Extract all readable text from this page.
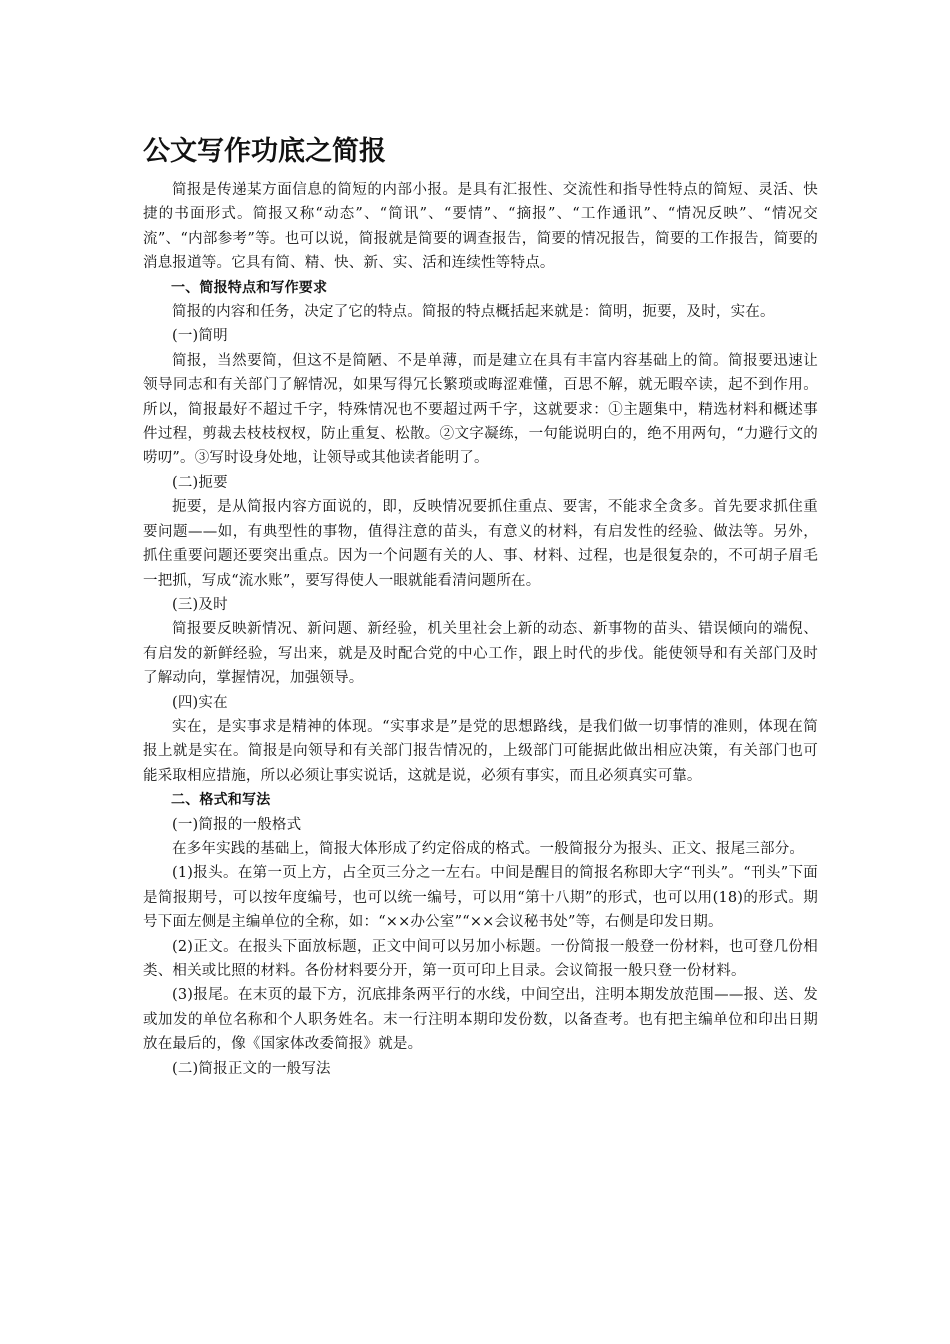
公文写作功底之简报

简报是传递某方面信息的简短的内部小报。是具有汇报性、交流性和指导性特点的简短、灵活、快捷的书面形式。简报又称“动态”、“简讯”、“要情”、“摘报”、“工作通讯”、“情况反映”、“情况交流”、“内部参考”等。也可以说，简报就是简要的调查报告，简要的情况报告，简要的工作报告，简要的消息报道等。它具有简、精、快、新、实、活和连续性等特点。

一、简报特点和写作要求

简报的内容和任务，决定了它的特点。简报的特点概括起来就是：简明，扼要，及时，实在。

(一)简明

简报，当然要简，但这不是简陋、不是单薄，而是建立在具有丰富内容基础上的简。简报要迅速让领导同志和有关部门了解情况，如果写得冗长繁琐或晦涩难懂，百思不解，就无暇卒读，起不到作用。所以，简报最好不超过千字，特殊情况也不要超过两千字，这就要求：①主题集中，精选材料和概述事件过程，剪裁去枝枝杈杈，防止重复、松散。②文字凝练，一句能说明白的，绝不用两句，“力避行文的唠叨”。③写时设身处地，让领导或其他读者能明了。

(二)扼要

扼要，是从简报内容方面说的，即，反映情况要抓住重点、要害，不能求全贪多。首先要求抓住重要问题——如，有典型性的事物，值得注意的苗头，有意义的材料，有启发性的经验、做法等。另外，抓住重要问题还要突出重点。因为一个问题有关的人、事、材料、过程，也是很复杂的，不可胡子眉毛一把抓，写成“流水账”，要写得使人一眼就能看清问题所在。

(三)及时

简报要反映新情况、新问题、新经验，机关里社会上新的动态、新事物的苗头、错误倾向的端倪、有启发的新鲜经验，写出来，就是及时配合党的中心工作，跟上时代的步伐。能使领导和有关部门及时了解动向，掌握情况，加强领导。

(四)实在

实在，是实事求是精神的体现。“实事求是”是党的思想路线，是我们做一切事情的准则，体现在简报上就是实在。简报是向领导和有关部门报告情况的，上级部门可能据此做出相应决策，有关部门也可能采取相应措施，所以必须让事实说话，这就是说，必须有事实，而且必须真实可靠。

二、格式和写法

(一)简报的一般格式

在多年实践的基础上，简报大体形成了约定俗成的格式。一般简报分为报头、正文、报尾三部分。

(1)报头。在第一页上方，占全页三分之一左右。中间是醒目的简报名称即大字“刊头”。“刊头”下面是简报期号，可以按年度编号，也可以统一编号，可以用“第十八期”的形式，也可以用(18)的形式。期号下面左侧是主编单位的全称，如：“××办公室”“××会议秘书处”等，右侧是印发日期。

(2)正文。在报头下面放标题，正文中间可以另加小标题。一份简报一般登一份材料，也可登几份相类、相关或比照的材料。各份材料要分开，第一页可印上目录。会议简报一般只登一份材料。

(3)报尾。在末页的最下方，沉底排条两平行的水线，中间空出，注明本期发放范围——报、送、发或加发的单位名称和个人职务姓名。末一行注明本期印发份数，以备查考。也有把主编单位和印出日期放在最后的，像《国家体改委简报》就是。

(二)简报正文的一般写法
